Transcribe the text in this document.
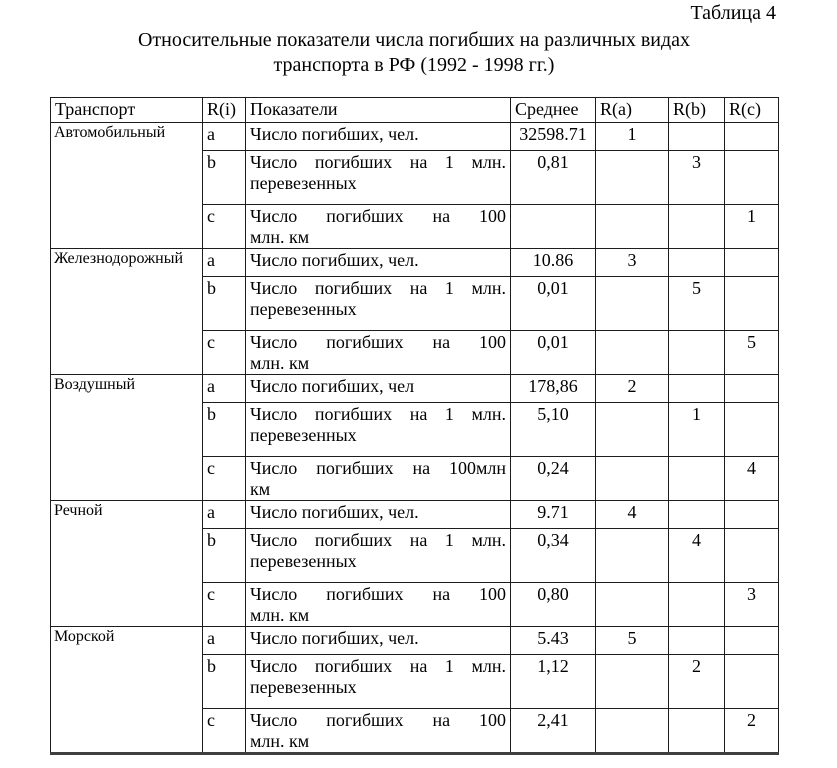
Таблица 4
Относительные показатели числа погибших на различных видах
транспорта в РФ (1992 - 1998 гг.)
Транспорт	R(i)	Показатели	Среднее	R(a)	R(b)	R(c)
Автомобильный	a	Число погибших, чел.	32598.71	1		
	b	Число погибших на 1 млн.
перевезенных	0,81		3	
	c	Число погибших на 100
млн. км				1
Железнодорожный	a	Число погибших, чел.	10.86	3		
	b	Число погибших на 1 млн.
перевезенных	0,01		5	
	c	Число погибших на 100
млн. км	0,01			5
Воздушный	a	Число погибших, чел	178,86	2		
	b	Число погибших на 1 млн.
перевезенных	5,10		1	
	c	Число погибших на 100млн
км	0,24			4
Речной	a	Число погибших, чел.	9.71	4		
	b	Число погибших на 1 млн.
перевезенных	0,34		4	
	c	Число погибших на 100
млн. км	0,80			3
Морской	a	Число погибших, чел.	5.43	5		
	b	Число погибших на 1 млн.
перевезенных	1,12		2	
	c	Число погибших на 100
млн. км	2,41			2
